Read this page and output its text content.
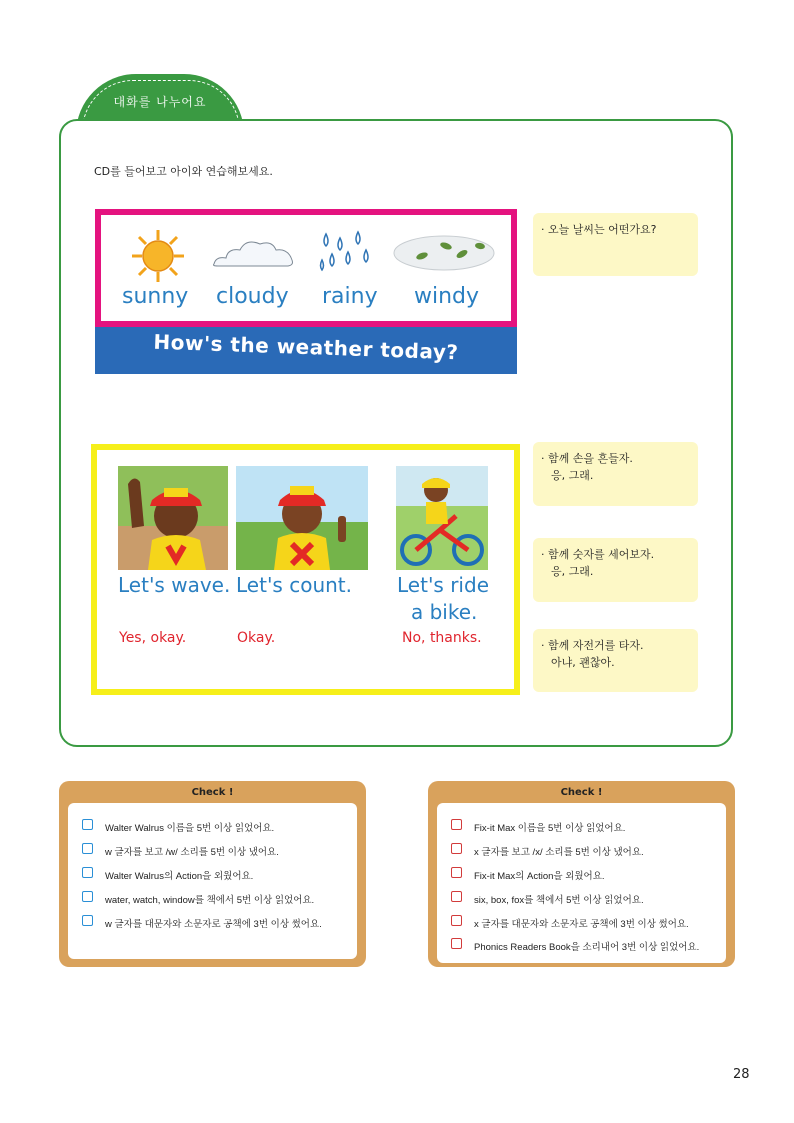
대화를 나누어요
CD를 들어보고 아이와 연습해보세요.
sunny cloudy rainy windy
How's the weather today?
· 오늘 날씨는 어떤가요?
Let's wave. Let's count. Let's ride
a bike.
Yes, okay.	Okay.	No, thanks.
· 함께 손을 흔들자.
응, 그래.
· 함께 숫자를 세어보자.
응, 그래.
· 함께 자전거를 타자.
아냐, 괜찮아.
Check !
Walter Walrus 이름을 5번 이상 읽었어요.
w 글자를 보고 /w/ 소리를 5번 이상 냈어요.
Walter Walrus의 Action을 외웠어요.
water, watch, window를 책에서 5번 이상 읽었어요.
w 글자를 대문자와 소문자로 공책에 3번 이상 썼어요.
Check !
Fix-it Max 이름을 5번 이상 읽었어요.
x 글자를 보고 /x/ 소리를 5번 이상 냈어요.
Fix-it Max의 Action을 외웠어요.
six, box, fox를 책에서 5번 이상 읽었어요.
x 글자를 대문자와 소문자로 공책에 3번 이상 썼어요.
Phonics Readers Book을 소리내어 3번 이상 읽었어요.
28
